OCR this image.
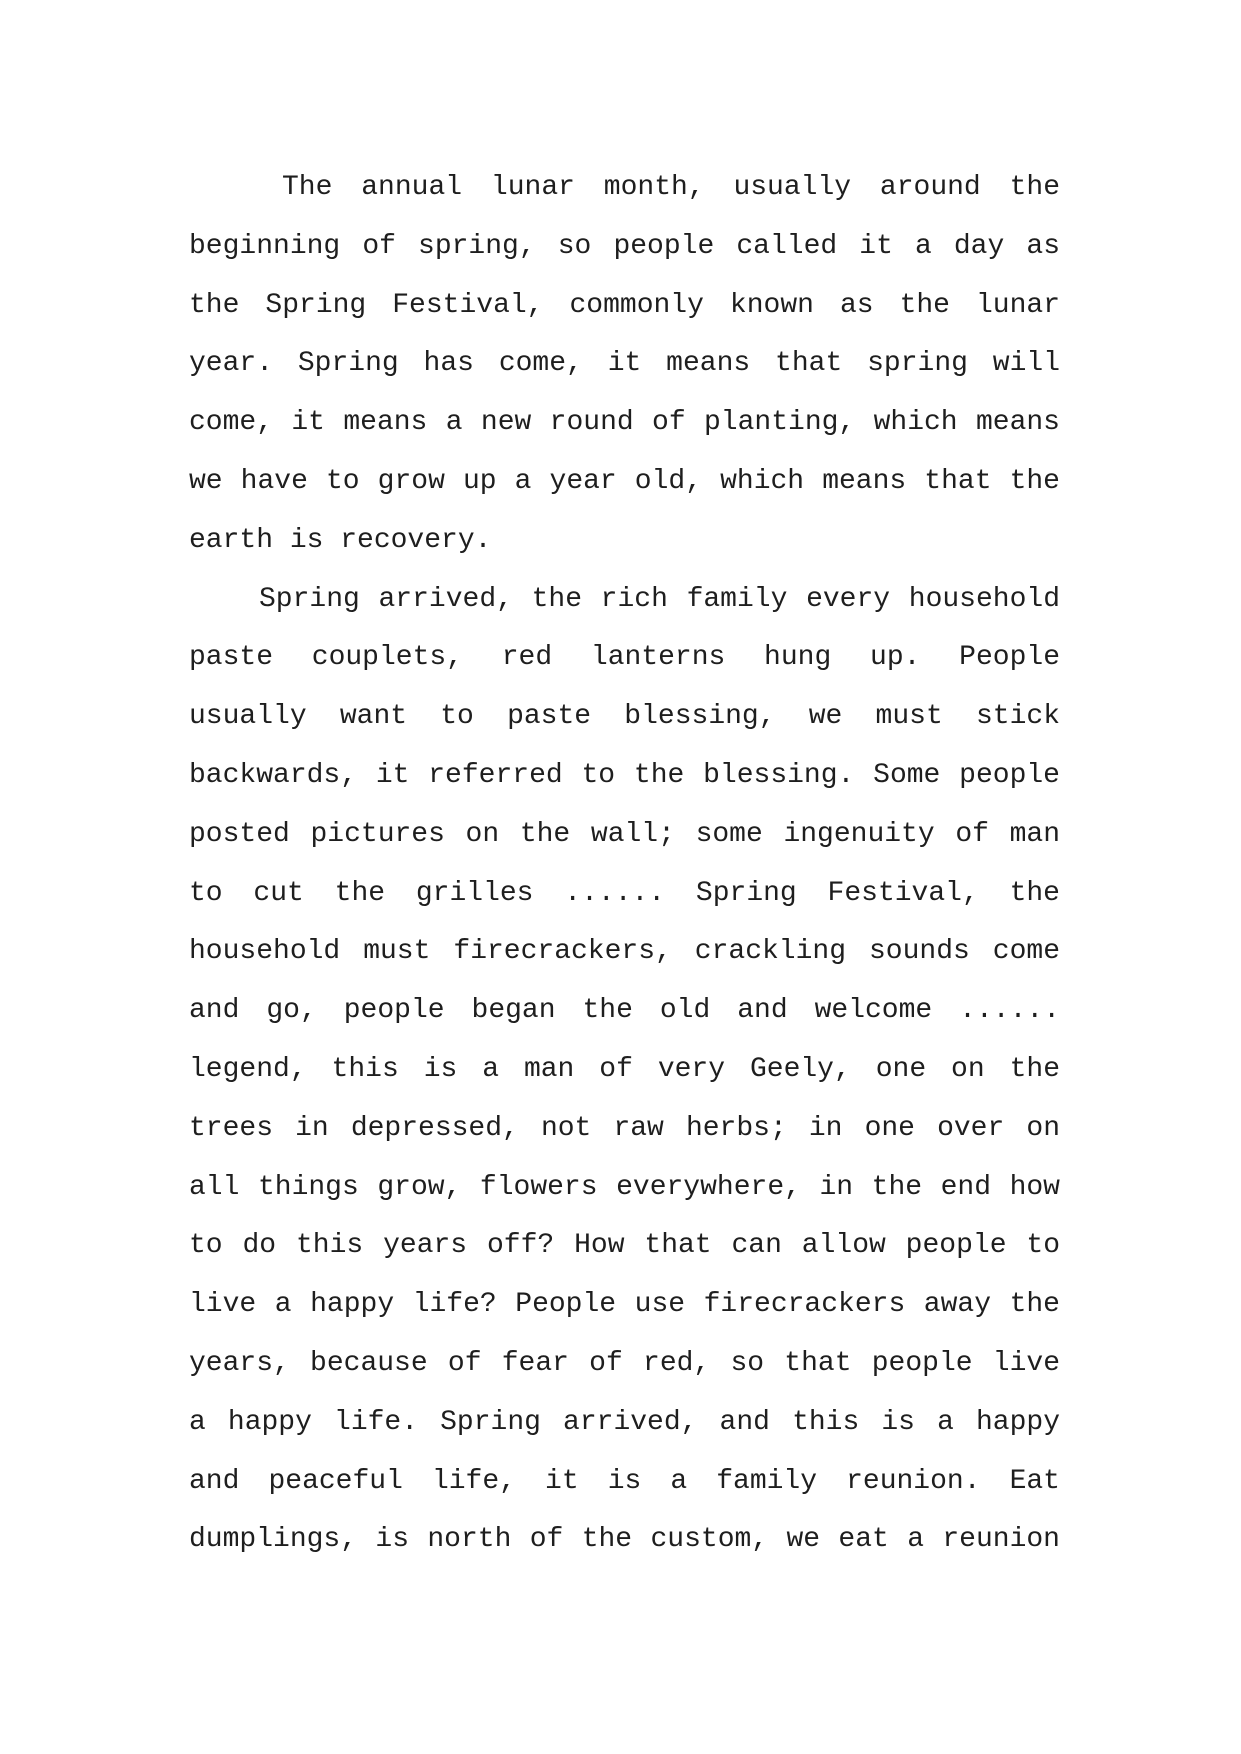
The annual lunar month, usually around the
beginning of spring, so people called it a day as
the Spring Festival, commonly known as the lunar
year. Spring has come, it means that spring will
come, it means a new round of planting, which means
we have to grow up a year old, which means that the
earth is recovery.
Spring arrived, the rich family every household
paste couplets, red lanterns hung up. People
usually want to paste blessing, we must stick
backwards, it referred to the blessing. Some people
posted pictures on the wall; some ingenuity of man
to cut the grilles ...... Spring Festival, the
household must firecrackers, crackling sounds come
and go, people began the old and welcome ......
legend, this is a man of very Geely, one on the
trees in depressed, not raw herbs; in one over on
all things grow, flowers everywhere, in the end how
to do this years off? How that can allow people to
live a happy life? People use firecrackers away the
years, because of fear of red, so that people live
a happy life. Spring arrived, and this is a happy
and peaceful life, it is a family reunion. Eat
dumplings, is north of the custom, we eat a reunion
